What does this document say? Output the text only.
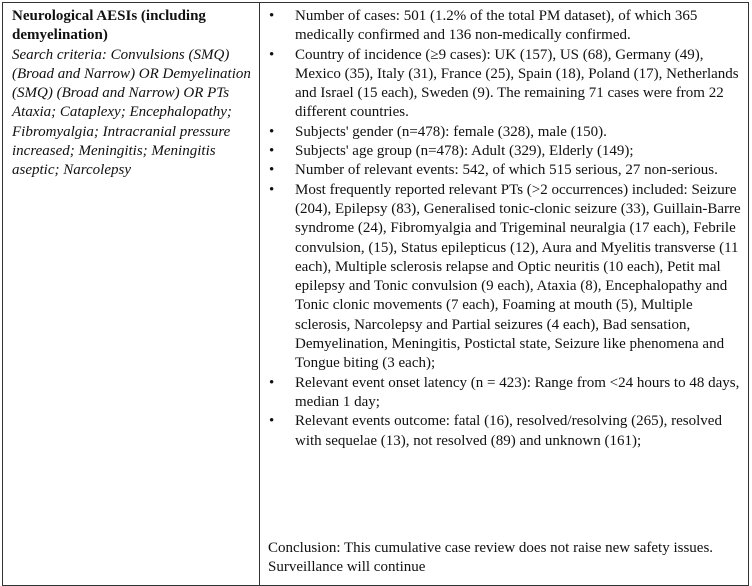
Neurological AESIs (including demyelination)
Search criteria: Convulsions (SMQ) (Broad and Narrow) OR Demyelination (SMQ) (Broad and Narrow) OR PTs Ataxia; Cataplexy; Encephalopathy; Fibromyalgia; Intracranial pressure increased; Meningitis; Meningitis aseptic; Narcolepsy
• Number of cases: 501 (1.2% of the total PM dataset), of which 365 medically confirmed and 136 non-medically confirmed.
• Country of incidence (≥9 cases): UK (157), US (68), Germany (49), Mexico (35), Italy (31), France (25), Spain (18), Poland (17), Netherlands and Israel (15 each), Sweden (9). The remaining 71 cases were from 22 different countries.
• Subjects' gender (n=478): female (328), male (150).
• Subjects' age group (n=478): Adult (329), Elderly (149);
• Number of relevant events: 542, of which 515 serious, 27 non-serious.
• Most frequently reported relevant PTs (>2 occurrences) included: Seizure (204), Epilepsy (83), Generalised tonic-clonic seizure (33), Guillain-Barre syndrome (24), Fibromyalgia and Trigeminal neuralgia (17 each), Febrile convulsion, (15), Status epilepticus (12), Aura and Myelitis transverse (11 each), Multiple sclerosis relapse and Optic neuritis (10 each), Petit mal epilepsy and Tonic convulsion (9 each), Ataxia (8), Encephalopathy and Tonic clonic movements (7 each), Foaming at mouth (5), Multiple sclerosis, Narcolepsy and Partial seizures (4 each), Bad sensation, Demyelination, Meningitis, Postictal state, Seizure like phenomena and Tongue biting (3 each);
• Relevant event onset latency (n = 423): Range from <24 hours to 48 days, median 1 day;
• Relevant events outcome: fatal (16), resolved/resolving (265), resolved with sequelae (13), not resolved (89) and unknown (161);
Conclusion: This cumulative case review does not raise new safety issues. Surveillance will continue
